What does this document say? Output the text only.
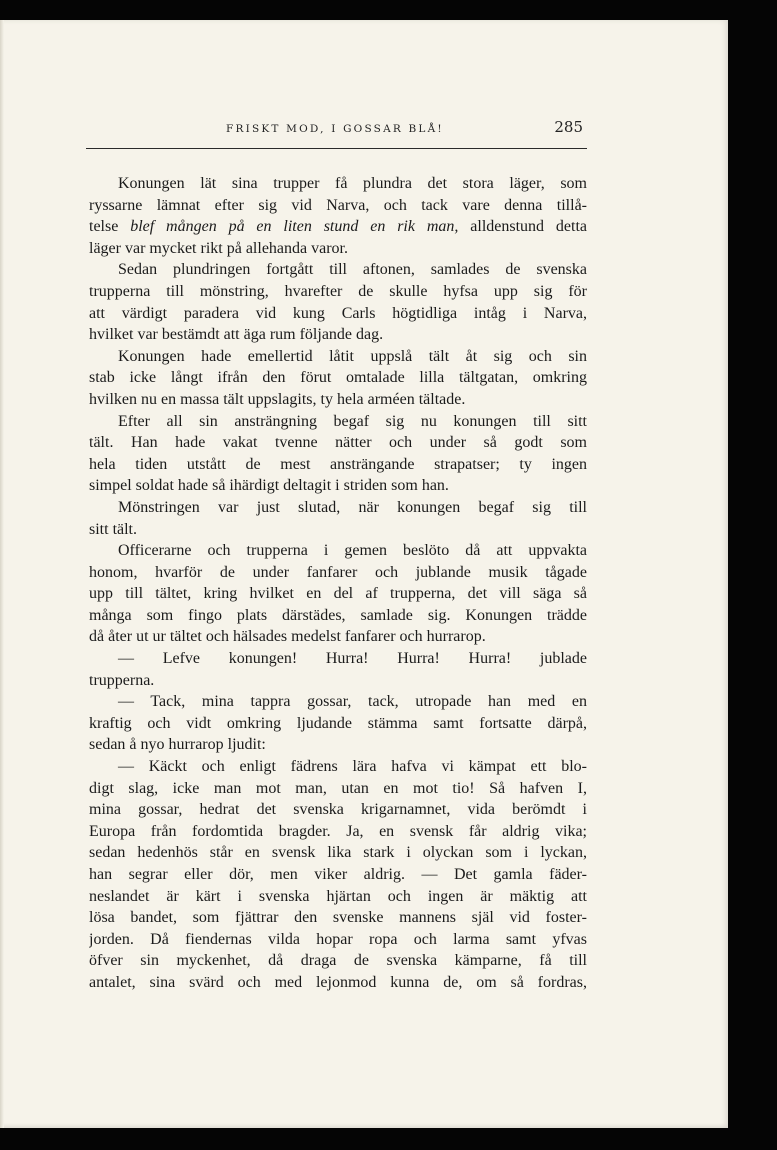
FRISKT MOD, I GOSSAR BLÅ!	285
Konungen lät sina trupper få plundra det stora läger, som
ryssarne lämnat efter sig vid Narva, och tack vare denna tillå-
telse blef mången på en liten stund en rik man, alldenstund detta
läger var mycket rikt på allehanda varor.
Sedan plundringen fortgått till aftonen, samlades de svenska
trupperna till mönstring, hvarefter de skulle hyfsa upp sig för
att värdigt paradera vid kung Carls högtidliga intåg i Narva,
hvilket var bestämdt att äga rum följande dag.
Konungen hade emellertid låtit uppslå tält åt sig och sin
stab icke långt ifrån den förut omtalade lilla tältgatan, omkring
hvilken nu en massa tält uppslagits, ty hela arméen tältade.
Efter all sin ansträngning begaf sig nu konungen till sitt
tält. Han hade vakat tvenne nätter och under så godt som
hela tiden utstått de mest ansträngande strapatser; ty ingen
simpel soldat hade så ihärdigt deltagit i striden som han.
Mönstringen var just slutad, när konungen begaf sig till
sitt tält.
Officerarne och trupperna i gemen beslöto då att uppvakta
honom, hvarför de under fanfarer och jublande musik tågade
upp till tältet, kring hvilket en del af trupperna, det vill säga så
många som fingo plats därstädes, samlade sig. Konungen trädde
då åter ut ur tältet och hälsades medelst fanfarer och hurrarop.
— Lefve konungen! Hurra! Hurra! Hurra! jublade
trupperna.
— Tack, mina tappra gossar, tack, utropade han med en
kraftig och vidt omkring ljudande stämma samt fortsatte därpå,
sedan å nyo hurrarop ljudit:
— Käckt och enligt fädrens lära hafva vi kämpat ett blo-
digt slag, icke man mot man, utan en mot tio! Så hafven I,
mina gossar, hedrat det svenska krigarnamnet, vida berömdt i
Europa från fordomtida bragder. Ja, en svensk får aldrig vika;
sedan hedenhös står en svensk lika stark i olyckan som i lyckan,
han segrar eller dör, men viker aldrig. — Det gamla fäder-
neslandet är kärt i svenska hjärtan och ingen är mäktig att
lösa bandet, som fjättrar den svenske mannens själ vid foster-
jorden. Då fiendernas vilda hopar ropa och larma samt yfvas
öfver sin myckenhet, då draga de svenska kämparne, få till
antalet, sina svärd och med lejonmod kunna de, om så fordras,
